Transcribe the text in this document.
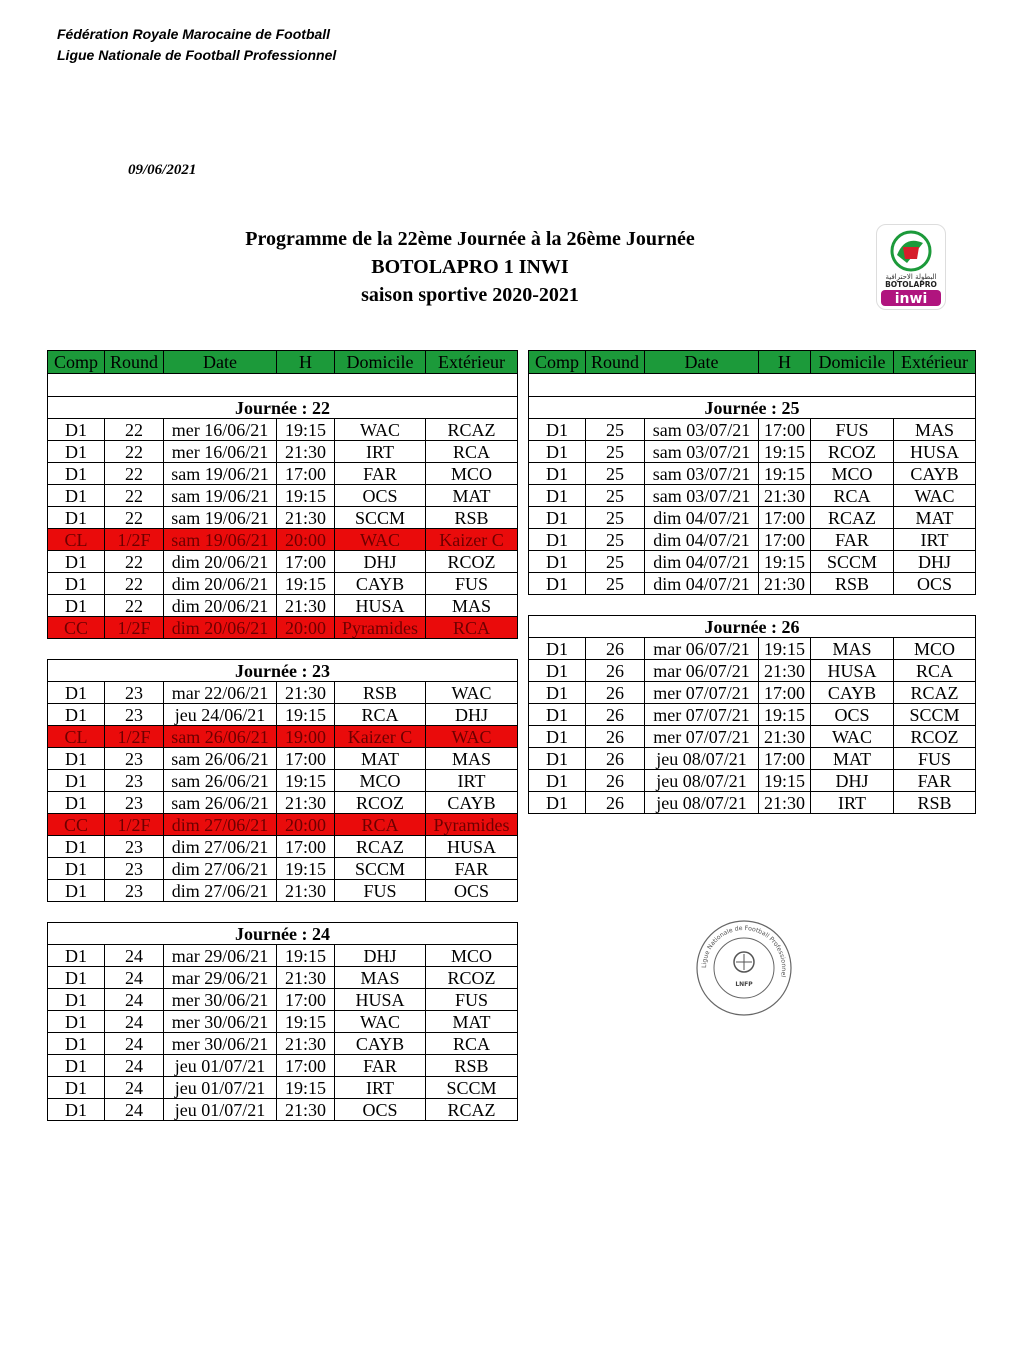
Fédération Royale Marocaine de Football
Ligue Nationale de Football Professionnel
09/06/2021
Programme de la 22ème Journée à la 26ème Journée
BOTOLAPRO 1 INWI
saison sportive 2020-2021
البطولة الاحترافية
BOTOLAPRO
inwi
Ligue Nationale de Football Professionnel
LNFP
Comp	Round	Date	H	Domicile	Extérieur

Journée : 22					
D1	22	mer 16/06/21	19:15	WAC	RCAZ
D1	22	mer 16/06/21	21:30	IRT	RCA
D1	22	sam 19/06/21	17:00	FAR	MCO
D1	22	sam 19/06/21	19:15	OCS	MAT
D1	22	sam 19/06/21	21:30	SCCM	RSB
CL	1/2F	sam 19/06/21	20:00	WAC	Kaizer C
D1	22	dim 20/06/21	17:00	DHJ	RCOZ
D1	22	dim 20/06/21	19:15	CAYB	FUS
D1	22	dim 20/06/21	21:30	HUSA	MAS
CC	1/2F	dim 20/06/21	20:00	Pyramides	RCA

Journée : 23					
D1	23	mar 22/06/21	21:30	RSB	WAC
D1	23	jeu 24/06/21	19:15	RCA	DHJ
CL	1/2F	sam 26/06/21	19:00	Kaizer C	WAC
D1	23	sam 26/06/21	17:00	MAT	MAS
D1	23	sam 26/06/21	19:15	MCO	IRT
D1	23	sam 26/06/21	21:30	RCOZ	CAYB
CC	1/2F	dim 27/06/21	20:00	RCA	Pyramides
D1	23	dim 27/06/21	17:00	RCAZ	HUSA
D1	23	dim 27/06/21	19:15	SCCM	FAR
D1	23	dim 27/06/21	21:30	FUS	OCS

Journée : 24					
D1	24	mar 29/06/21	19:15	DHJ	MCO
D1	24	mar 29/06/21	21:30	MAS	RCOZ
D1	24	mer 30/06/21	17:00	HUSA	FUS
D1	24	mer 30/06/21	19:15	WAC	MAT
D1	24	mer 30/06/21	21:30	CAYB	RCA
D1	24	jeu 01/07/21	17:00	FAR	RSB
D1	24	jeu 01/07/21	19:15	IRT	SCCM
D1	24	jeu 01/07/21	21:30	OCS	RCAZ
Comp	Round	Date	H	Domicile	Extérieur

Journée : 25					
D1	25	sam 03/07/21	17:00	FUS	MAS
D1	25	sam 03/07/21	19:15	RCOZ	HUSA
D1	25	sam 03/07/21	19:15	MCO	CAYB
D1	25	sam 03/07/21	21:30	RCA	WAC
D1	25	dim 04/07/21	17:00	RCAZ	MAT
D1	25	dim 04/07/21	17:00	FAR	IRT
D1	25	dim 04/07/21	19:15	SCCM	DHJ
D1	25	dim 04/07/21	21:30	RSB	OCS

Journée : 26					
D1	26	mar 06/07/21	19:15	MAS	MCO
D1	26	mar 06/07/21	21:30	HUSA	RCA
D1	26	mer 07/07/21	17:00	CAYB	RCAZ
D1	26	mer 07/07/21	19:15	OCS	SCCM
D1	26	mer 07/07/21	21:30	WAC	RCOZ
D1	26	jeu 08/07/21	17:00	MAT	FUS
D1	26	jeu 08/07/21	19:15	DHJ	FAR
D1	26	jeu 08/07/21	21:30	IRT	RSB
